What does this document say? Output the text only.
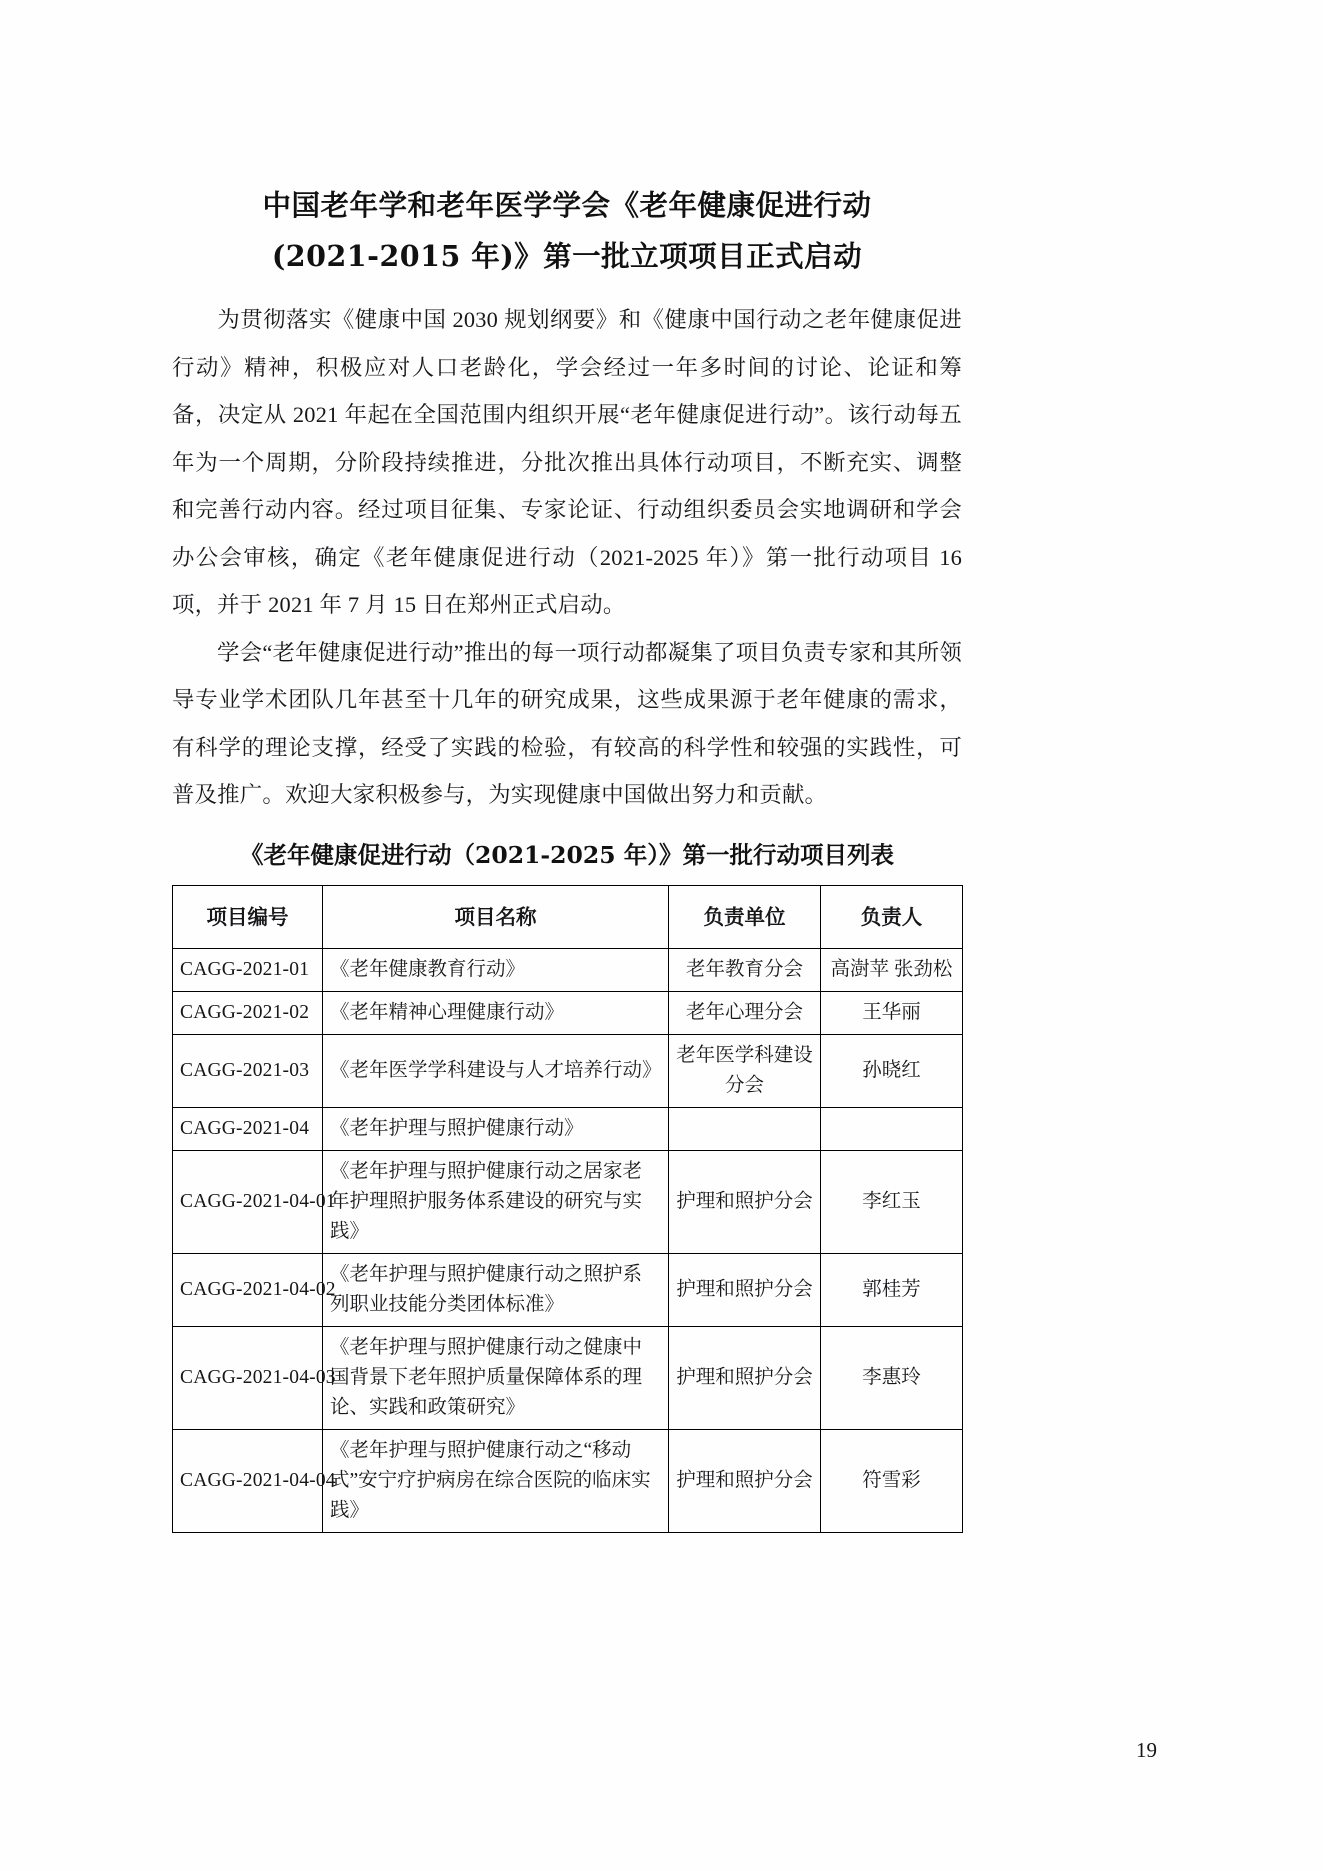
中国老年学和老年医学学会《老年健康促进行动
(2021-2015 年)》第一批立项项目正式启动

为贯彻落实《健康中国 2030 规划纲要》和《健康中国行动之老年健康促进行动》精神，积极应对人口老龄化，学会经过一年多时间的讨论、论证和筹备，决定从 2021 年起在全国范围内组织开展“老年健康促进行动”。该行动每五年为一个周期，分阶段持续推进，分批次推出具体行动项目，不断充实、调整和完善行动内容。经过项目征集、专家论证、行动组织委员会实地调研和学会办公会审核，确定《老年健康促进行动（2021-2025 年）》第一批行动项目 16 项，并于 2021 年 7 月 15 日在郑州正式启动。

学会“老年健康促进行动”推出的每一项行动都凝集了项目负责专家和其所领导专业学术团队几年甚至十几年的研究成果，这些成果源于老年健康的需求，有科学的理论支撑，经受了实践的检验，有较高的科学性和较强的实践性，可普及推广。欢迎大家积极参与，为实现健康中国做出努力和贡献。

《老年健康促进行动（2021-2025 年）》第一批行动项目列表
项目编号	项目名称	负责单位	负责人
CAGG-2021-01	《老年健康教育行动》	老年教育分会	高澍苹 张劲松
CAGG-2021-02	《老年精神心理健康行动》	老年心理分会	王华丽
CAGG-2021-03	《老年医学学科建设与人才培养行动》	老年医学科建设分会	孙晓红
CAGG-2021-04	《老年护理与照护健康行动》		
CAGG-2021-04-01	《老年护理与照护健康行动之居家老年护理照护服务体系建设的研究与实践》	护理和照护分会	李红玉
CAGG-2021-04-02	《老年护理与照护健康行动之照护系列职业技能分类团体标准》	护理和照护分会	郭桂芳
CAGG-2021-04-03	《老年护理与照护健康行动之健康中国背景下老年照护质量保障体系的理论、实践和政策研究》	护理和照护分会	李惠玲
CAGG-2021-04-04	《老年护理与照护健康行动之“移动式”安宁疗护病房在综合医院的临床实践》	护理和照护分会	符雪彩
19
